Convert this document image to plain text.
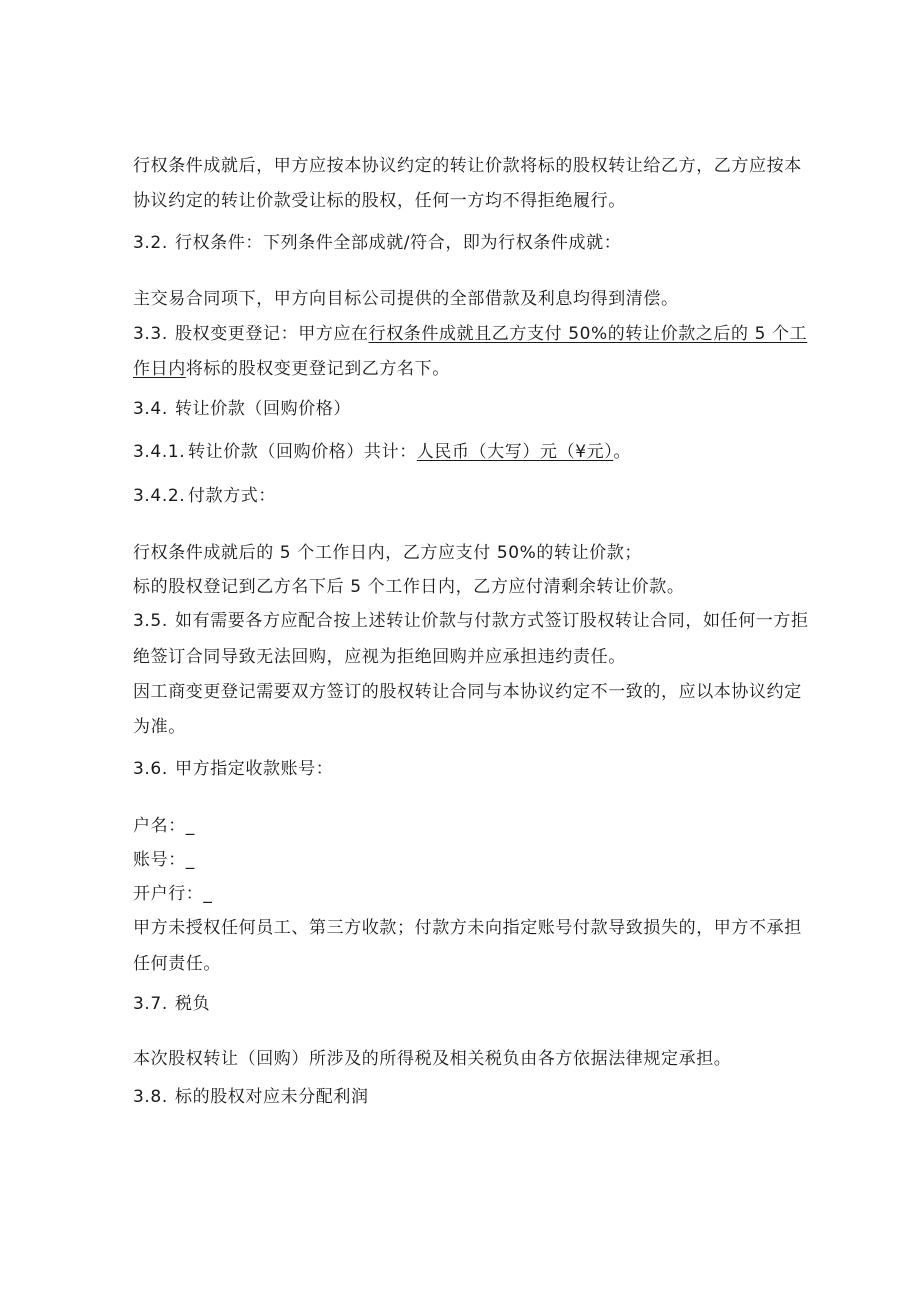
行权条件成就后，甲方应按本协议约定的转让价款将标的股权转让给乙方，乙方应按本
协议约定的转让价款受让标的股权，任何一方均不得拒绝履行。
3.2. 行权条件：下列条件全部成就/符合，即为行权条件成就：
主交易合同项下，甲方向目标公司提供的全部借款及利息均得到清偿。
3.3. 股权变更登记：甲方应在行权条件成就且乙方支付 50%的转让价款之后的 5 个工
作日内将标的股权变更登记到乙方名下。
3.4. 转让价款（回购价格）
3.4.1. 转让价款（回购价格）共计：人民币（大写）元（¥元）。
3.4.2. 付款方式：
行权条件成就后的 5 个工作日内，乙方应支付 50%的转让价款；
标的股权登记到乙方名下后 5 个工作日内，乙方应付清剩余转让价款。
3.5. 如有需要各方应配合按上述转让价款与付款方式签订股权转让合同，如任何一方拒
绝签订合同导致无法回购，应视为拒绝回购并应承担违约责任。
因工商变更登记需要双方签订的股权转让合同与本协议约定不一致的，应以本协议约定
为准。
3.6. 甲方指定收款账号：
户名：_
账号：_
开户行：_
甲方未授权任何员工、第三方收款；付款方未向指定账号付款导致损失的，甲方不承担
任何责任。
3.7. 税负
本次股权转让（回购）所涉及的所得税及相关税负由各方依据法律规定承担。
3.8. 标的股权对应未分配利润
